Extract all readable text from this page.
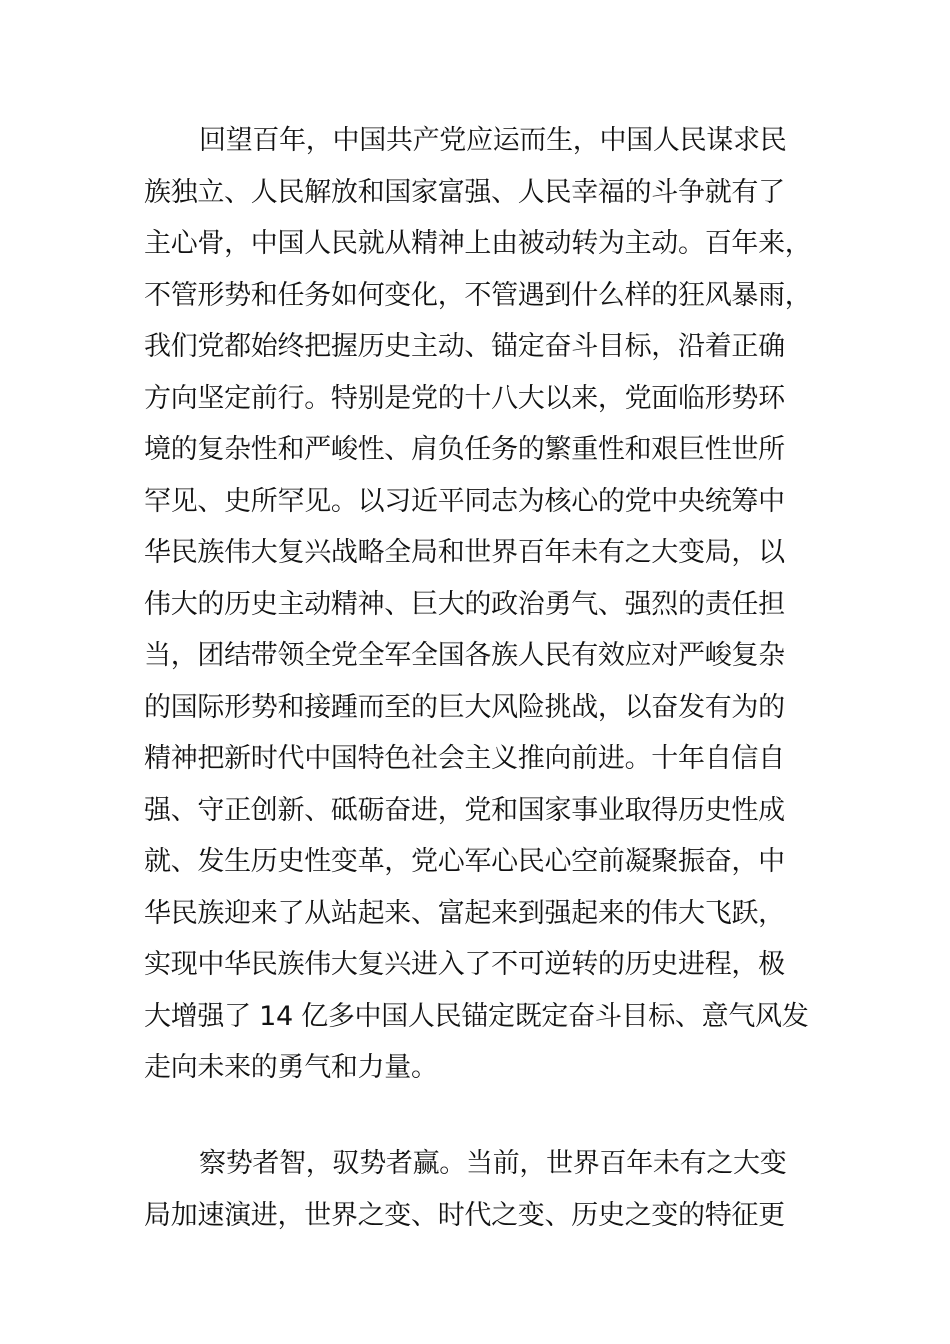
回望百年，中国共产党应运而生，中国人民谋求民
族独立、人民解放和国家富强、人民幸福的斗争就有了
主心骨，中国人民就从精神上由被动转为主动。百年来，
不管形势和任务如何变化，不管遇到什么样的狂风暴雨，
我们党都始终把握历史主动、锚定奋斗目标，沿着正确
方向坚定前行。特别是党的十八大以来，党面临形势环
境的复杂性和严峻性、肩负任务的繁重性和艰巨性世所
罕见、史所罕见。以习近平同志为核心的党中央统筹中
华民族伟大复兴战略全局和世界百年未有之大变局，以
伟大的历史主动精神、巨大的政治勇气、强烈的责任担
当，团结带领全党全军全国各族人民有效应对严峻复杂
的国际形势和接踵而至的巨大风险挑战，以奋发有为的
精神把新时代中国特色社会主义推向前进。十年自信自
强、守正创新、砥砺奋进，党和国家事业取得历史性成
就、发生历史性变革，党心军心民心空前凝聚振奋，中
华民族迎来了从站起来、富起来到强起来的伟大飞跃，
实现中华民族伟大复兴进入了不可逆转的历史进程，极
大增强了 14 亿多中国人民锚定既定奋斗目标、意气风发
走向未来的勇气和力量。
察势者智，驭势者赢。当前，世界百年未有之大变
局加速演进，世界之变、时代之变、历史之变的特征更
